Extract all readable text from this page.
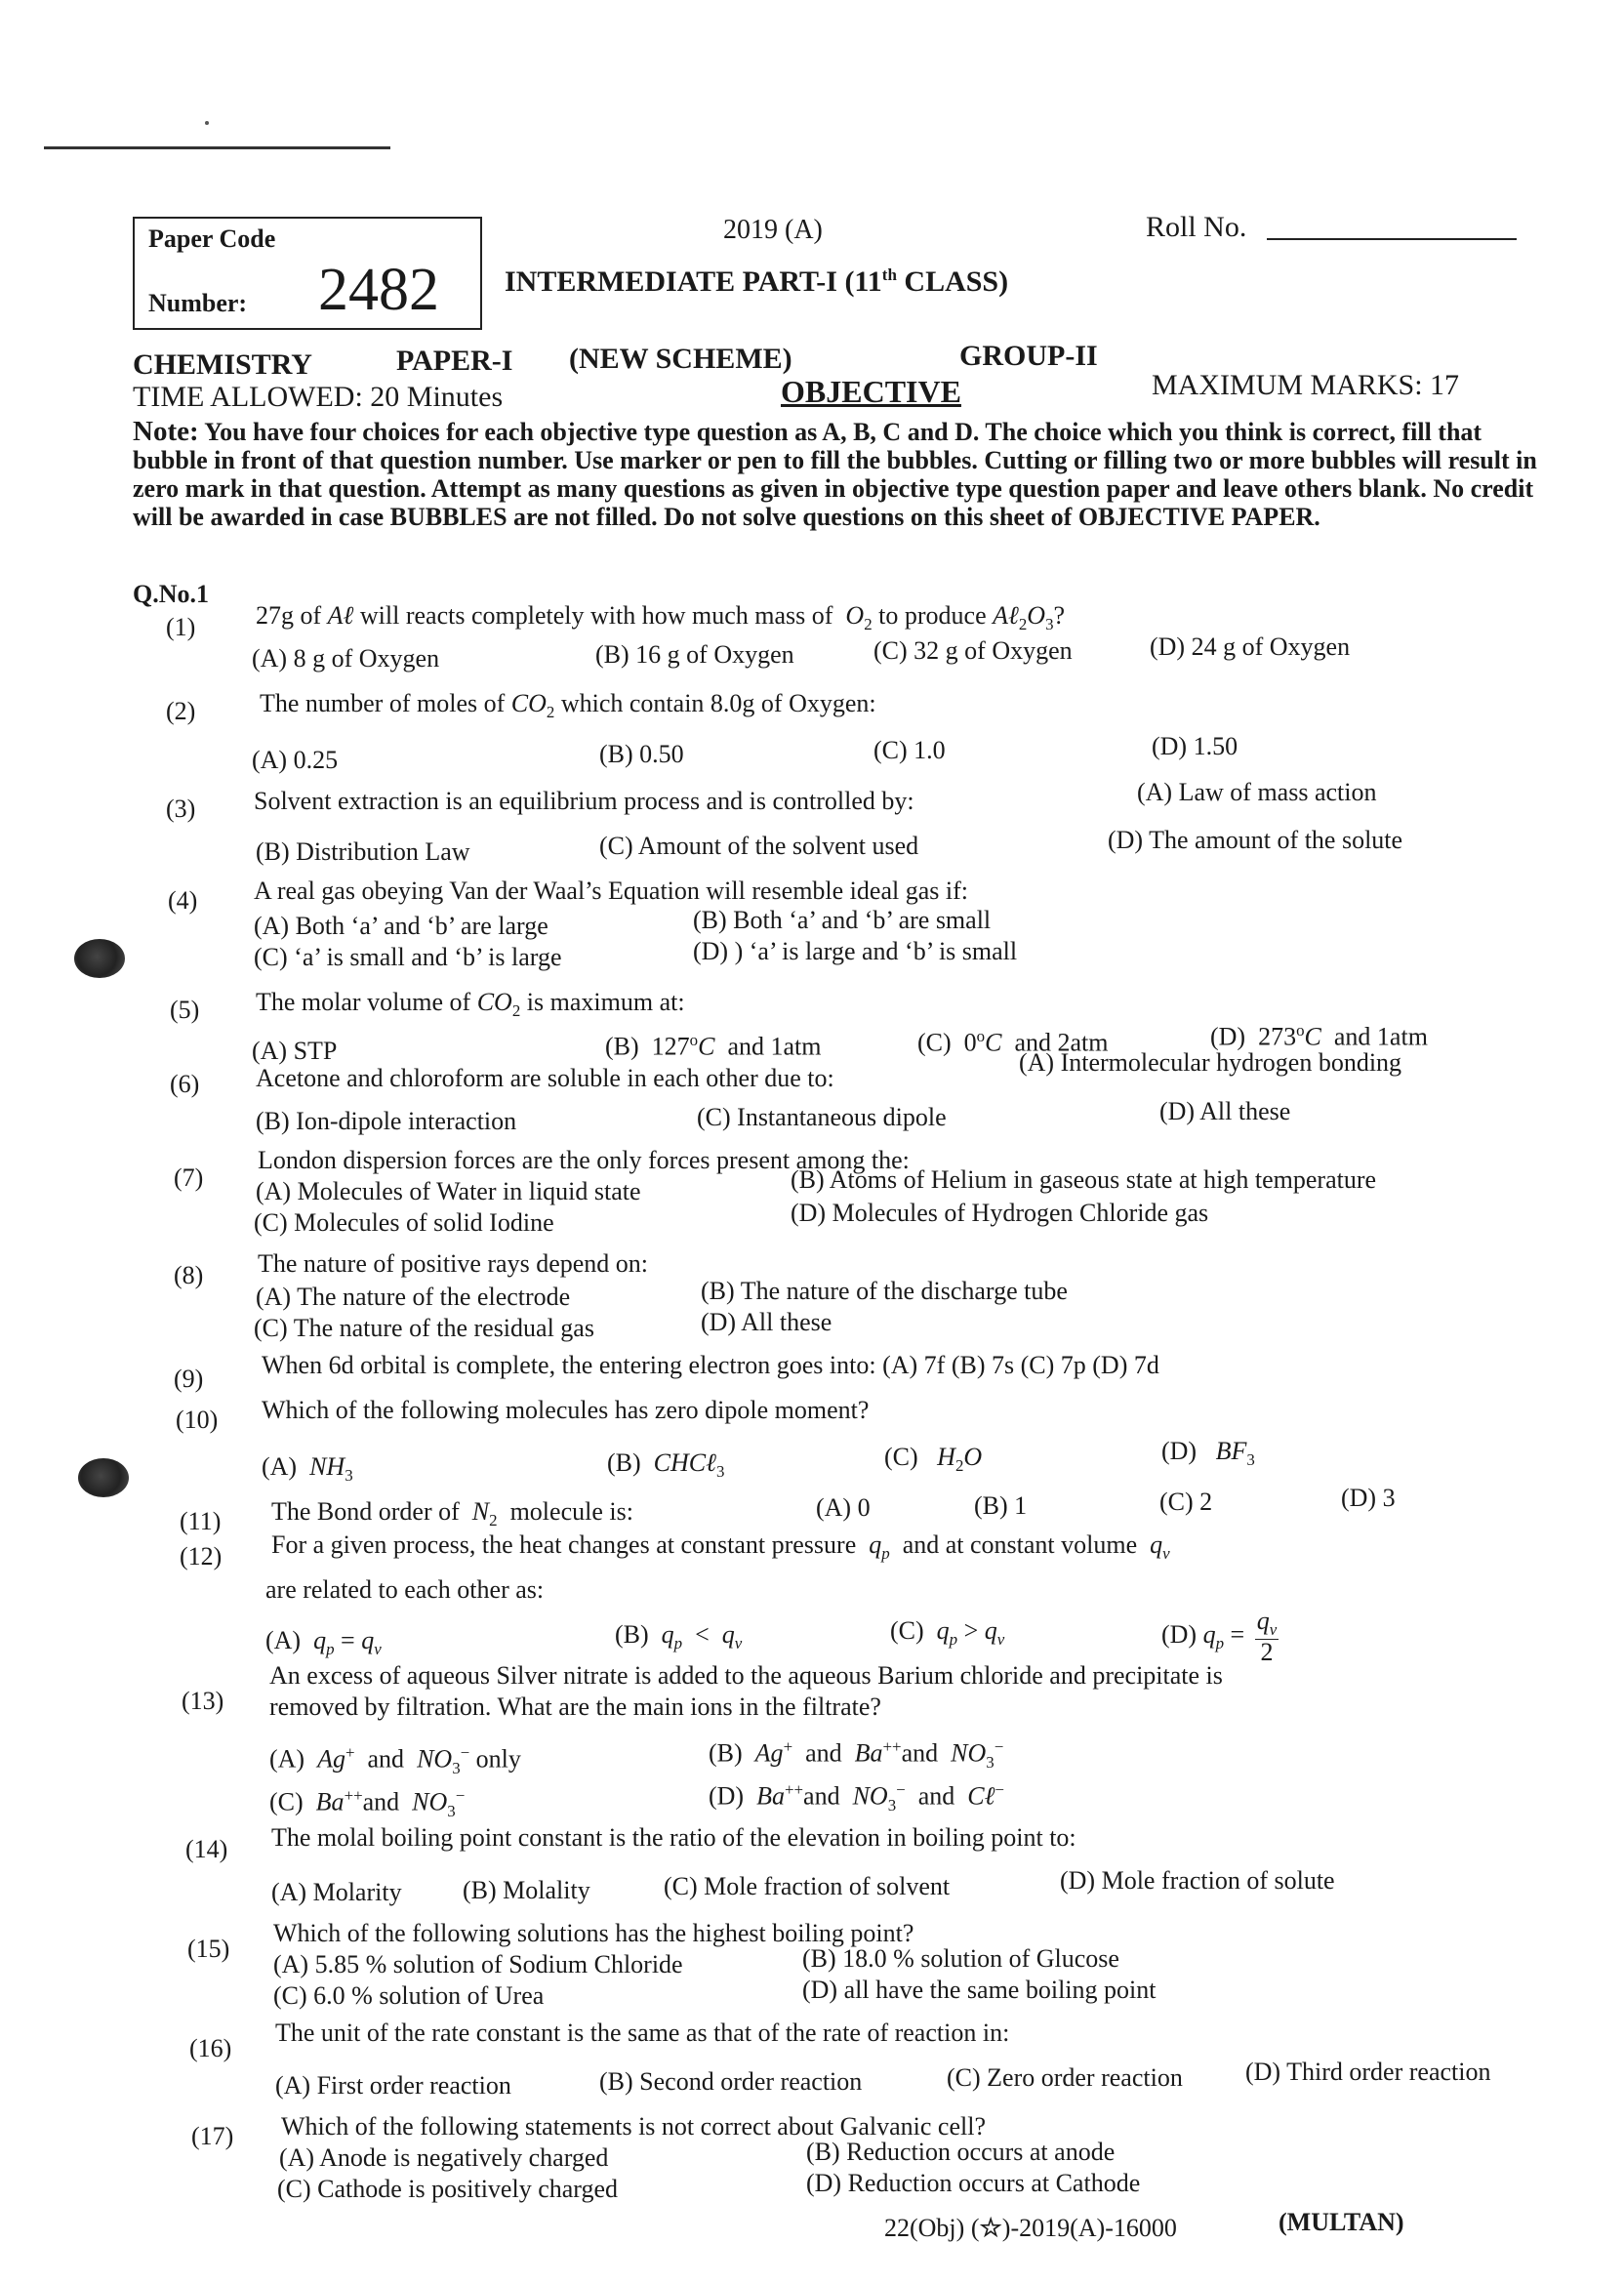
Paper Code
Number: 2482
2019 (A)	Roll No.
INTERMEDIATE PART-I (11th CLASS)
CHEMISTRY	PAPER-I (NEW SCHEME)	GROUP-II
TIME ALLOWED: 20 Minutes	OBJECTIVE	MAXIMUM MARKS: 17
Note: You have four choices for each objective type question as A, B, C and D. The choice which you think is correct, fill that bubble in front of that question number. Use marker or pen to fill the bubbles. Cutting or filling two or more bubbles will result in zero mark in that question. Attempt as many questions as given in objective type question paper and leave others blank. No credit will be awarded in case BUBBLES are not filled. Do not solve questions on this sheet of OBJECTIVE PAPER.
Q.No.1
(1) 27g of Aℓ will reacts completely with how much mass of  $O_2$ to produce $A\ell_2O_3$?
(A) 8 g of Oxygen	(B) 16 g of Oxygen	(C) 32 g of Oxygen	(D) 24 g of Oxygen
(2)	The number of moles of $CO_2$ which contain 8.0g of Oxygen:
(A) 0.25	(B) 0.50	(C) 1.0	(D) 1.50
(3) Solvent extraction is an equilibrium process and is controlled by:	(A) Law of mass action
(B) Distribution Law	(C) Amount of the solvent used	(D) The amount of the solute
(4) A real gas obeying Van der Waal’s Equation will resemble ideal gas if:
(A) Both ‘a’ and ‘b’ are large	(B) Both ‘a’ and ‘b’ are small
(C) ‘a’ is small and ‘b’ is large	(D) ) ‘a’ is large and ‘b’ is small
(5) The molar volume of $CO_2$ is maximum at:
(A) STP	(B)  127$^o$C  and 1atm	(C)  0$^o$C  and 2atm	(D)  273$^o$C  and 1atm
(6) Acetone and chloroform are soluble in each other due to:
(A) Intermolecular hydrogen bonding
(B) Ion-dipole interaction	(C) Instantaneous dipole	(D) All these
(7)
London dispersion forces are the only forces present among the:
(A) Molecules of Water in liquid state	(B) Atoms of Helium in gaseous state at high temperature
(C) Molecules of solid Iodine	(D) Molecules of Hydrogen Chloride gas
(8) The nature of positive rays depend on:
(A) The nature of the electrode	(B) The nature of the discharge tube
(C) The nature of the residual gas	(D) All these
(9) When 6d orbital is complete, the entering electron goes into: (A) 7f (B) 7s (C) 7p (D) 7d
(10) Which of the following molecules has zero dipole moment?
(A)  $NH_3$	(B)  CHCℓ$_3$
(C)   $H_2O$	(D)   $BF_3$
(11) The Bond order of  $N_2$  molecule is:	(A) 0	(B) 1	(C) 2	(D) 3
(12) For a given process, the heat changes at constant pressure  $q_p$  and at constant volume  $q_v$
are related to each other as:
(A)  $q_p = q_v$
(B)  $q_p < q_v$	(C)  $q_p > q_v$	(D) $q_p = \frac{q_v}{2}$
(13)
An excess of aqueous Silver nitrate is added to the aqueous Barium chloride and precipitate is
removed by filtration. What are the main ions in the filtrate?
(A)  Ag+  and  $NO_3^-$ only	(B)  Ag+  and  Ba++and  $NO_3^-$
(C)  Ba++and  $NO_3^-$	(D)  Ba++and  $NO_3^-$  and  Cℓ−
(14) The molal boiling point constant is the ratio of the elevation in boiling point to:
(A) Molarity (B) Molality	(C) Mole fraction of solvent	(D) Mole fraction of solute
(15)
Which of the following solutions has the highest boiling point?
(A) 5.85 % solution of Sodium Chloride	(B) 18.0 % solution of Glucose
(C) 6.0 % solution of Urea	(D) all have the same boiling point
(16)
The unit of the rate constant is the same as that of the rate of reaction in:
(A) First order reaction	(B) Second order reaction	(C) Zero order reaction (D) Third order reaction
(17) Which of the following statements is not correct about Galvanic cell?
(A) Anode is negatively charged	(B) Reduction occurs at anode
(C) Cathode is positively charged	(D) Reduction occurs at Cathode
22(Obj) (☆)-2019(A)-16000	(MULTAN)
